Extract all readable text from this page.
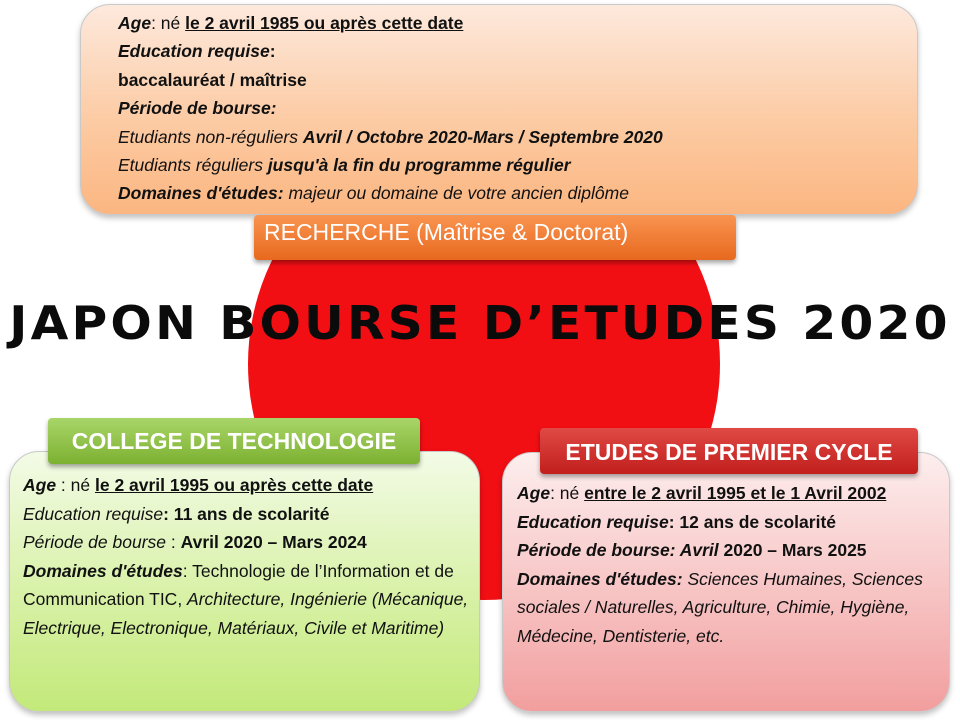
Age: né le 2 avril 1985 ou après cette date

Education requise:

baccalauréat / maîtrise

Période de bourse:

Etudiants non-réguliers Avril / Octobre 2020-Mars / Septembre 2020

Etudiants réguliers jusqu'à la fin du programme régulier

Domaines d'études: majeur ou domaine de votre ancien diplôme

RECHERCHE (Maîtrise & Doctorat)
JAPON BOURSE D’ETUDES 2020

Age : né le 2 avril 1995 ou après cette date

Education requise: 11 ans de scolarité

Période de bourse : Avril 2020 – Mars 2024

Domaines d'études: Technologie de l’Information et de Communication TIC, Architecture, Ingénierie (Mécanique, Electrique, Electronique, Matériaux, Civile et Maritime)

COLLEGE DE TECHNOLOGIE

Age: né entre le 2 avril 1995 et le 1 Avril 2002

Education requise: 12 ans de scolarité

Période de bourse: Avril 2020 – Mars 2025

Domaines d'études: Sciences Humaines, Sciences sociales / Naturelles, Agriculture, Chimie, Hygiène, Médecine, Dentisterie, etc.

ETUDES DE PREMIER CYCLE
